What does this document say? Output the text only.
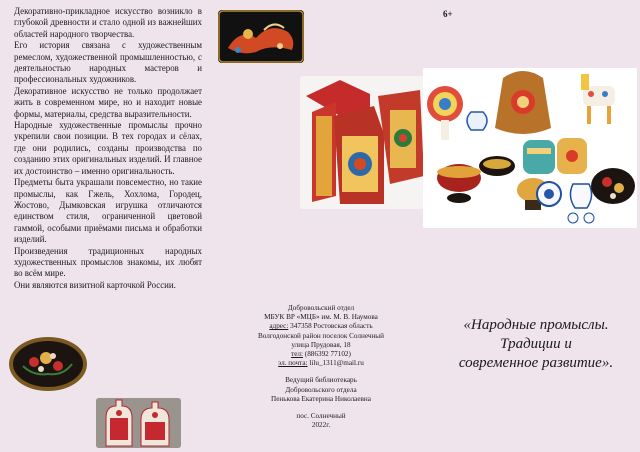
Декоративно-прикладное искусство возникло в глубокой древности и стало одной из важнейших областей народного творчества.

Его история связана с художественным ремеслом, художественной промышленностью, с деятельностью народных мастеров и профессиональных художников.

Декоративное искусство не только продолжает жить в современном мире, но и находит новые формы, материалы, средства выразительности.

Народные художественные промыслы прочно укрепили свои позиции. В тех городах и сёлах, где они родились, созданы производства по созданию этих оригинальных изделий. И главное их достоинство – именно оригинальность.

Предметы быта украшали повсеместно, но такие промыслы, как Гжель, Хохлома, Городец, Жостово, Дымковская игрушка отличаются единством стиля, ограниченной цветовой гаммой, особыми приёмами письма и обработки изделий.

Произведения традиционных народных художественных промыслов знакомы, их любят во всём мире.

Они являются визитной карточкой России.

6+
Добровольский отдел
МБУК ВР «МЦБ» им. М. В. Наумова
адрес: 347358 Ростовская область
Волгодонской район поселок Солнечный
улица Прудовая, 18
тел: (886392 77102)
эл. почта: lilu_1311@mail.ru
Ведущий библиотекарь
Добровольского отдела
Пенькова Екатерина Николаевна
пос. Солнечный
2022г.
«Народные промыслы.
Традиции и
современное развитие».
